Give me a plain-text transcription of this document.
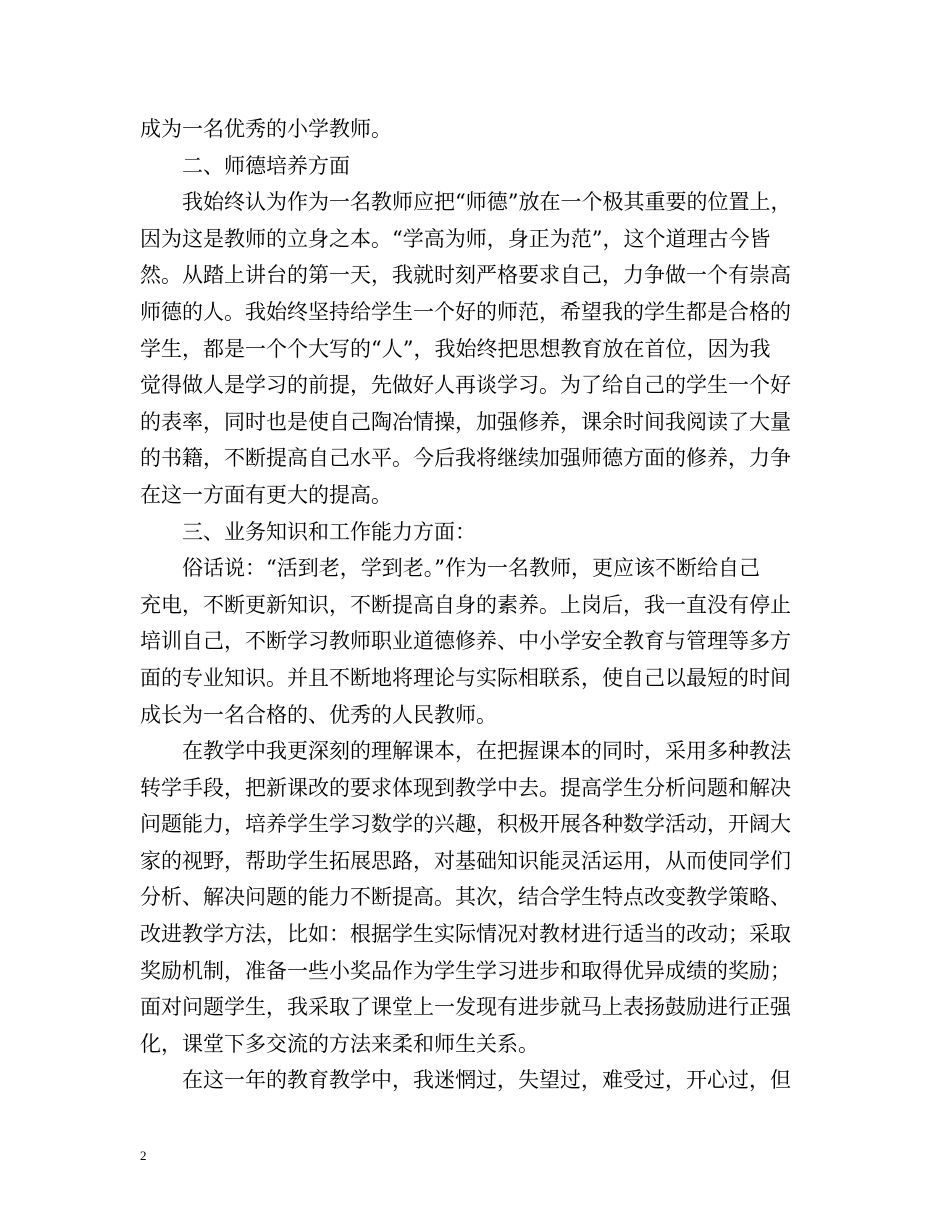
成为一名优秀的小学教师。
二、师德培养方面
我始终认为作为一名教师应把“师德”放在一个极其重要的位置上，
因为这是教师的立身之本。“学高为师，身正为范”，这个道理古今皆
然。从踏上讲台的第一天，我就时刻严格要求自己，力争做一个有崇高
师德的人。我始终坚持给学生一个好的师范，希望我的学生都是合格的
学生，都是一个个大写的“人”，我始终把思想教育放在首位，因为我
觉得做人是学习的前提，先做好人再谈学习。为了给自己的学生一个好
的表率，同时也是使自己陶冶情操，加强修养，课余时间我阅读了大量
的书籍，不断提高自己水平。今后我将继续加强师德方面的修养，力争
在这一方面有更大的提高。
三、业务知识和工作能力方面：
俗话说：“活到老，学到老。”作为一名教师，更应该不断给自己
充电，不断更新知识，不断提高自身的素养。上岗后，我一直没有停止
培训自己，不断学习教师职业道德修养、中小学安全教育与管理等多方
面的专业知识。并且不断地将理论与实际相联系，使自己以最短的时间
成长为一名合格的、优秀的人民教师。
在教学中我更深刻的理解课本，在把握课本的同时，采用多种教法
转学手段，把新课改的要求体现到教学中去。提高学生分析问题和解决
问题能力，培养学生学习数学的兴趣，积极开展各种数学活动，开阔大
家的视野，帮助学生拓展思路，对基础知识能灵活运用，从而使同学们
分析、解决问题的能力不断提高。其次，结合学生特点改变教学策略、
改进教学方法，比如：根据学生实际情况对教材进行适当的改动；采取
奖励机制，准备一些小奖品作为学生学习进步和取得优异成绩的奖励；
面对问题学生，我采取了课堂上一发现有进步就马上表扬鼓励进行正强
化，课堂下多交流的方法来柔和师生关系。
在这一年的教育教学中，我迷惘过，失望过，难受过，开心过，但
2
